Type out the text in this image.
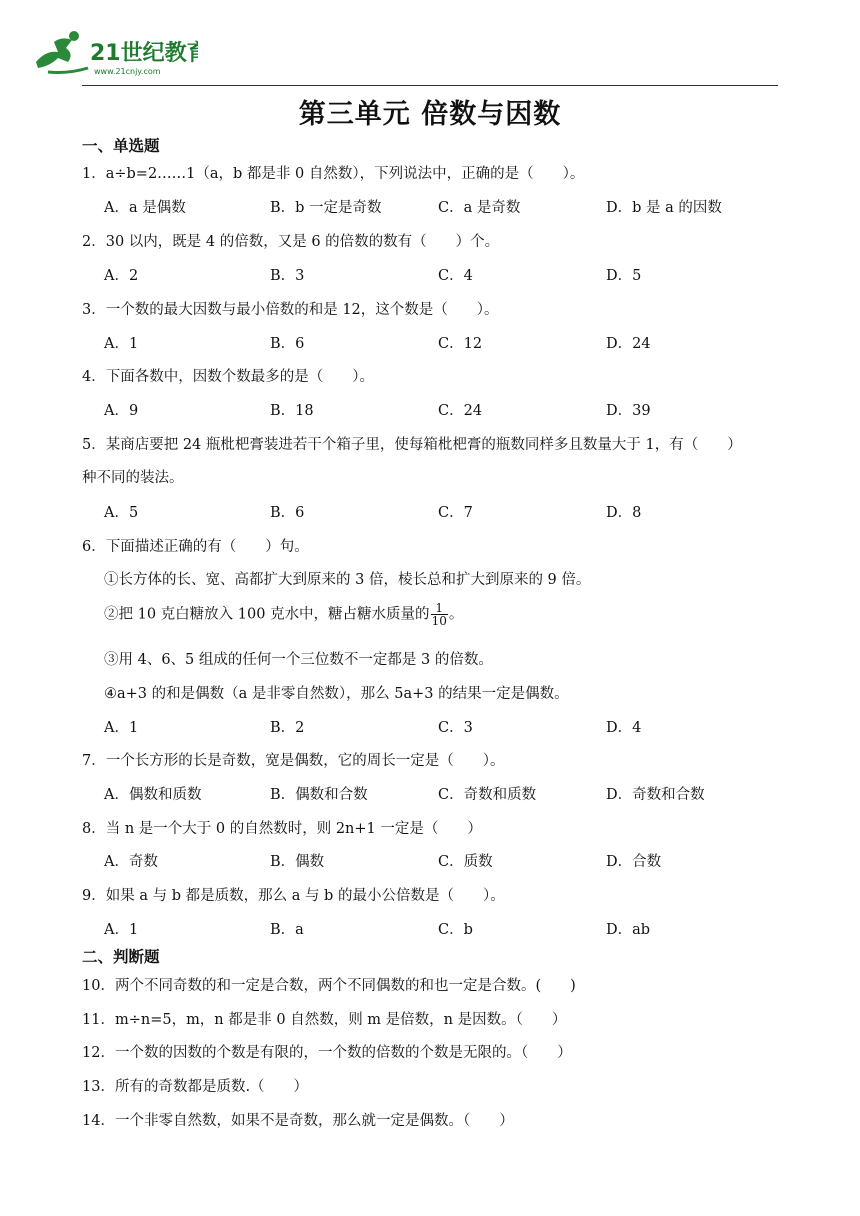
21世纪教育
www.21cnjy.com
第三单元 倍数与因数
一、单选题
1．a÷b=2……1（a，b 都是非 0 自然数），下列说法中，正确的是（　　）。
A．a 是偶数	B．b 一定是奇数	C．a 是奇数	D．b 是 a 的因数
2．30 以内，既是 4 的倍数，又是 6 的倍数的数有（　　）个。
A．2	B．3	C．4	D．5
3．一个数的最大因数与最小倍数的和是 12，这个数是（　　）。
A．1	B．6	C．12	D．24
4．下面各数中，因数个数最多的是（　　）。
A．9	B．18	C．24	D．39
5．某商店要把 24 瓶枇杷膏装进若干个箱子里，使每箱枇杷膏的瓶数同样多且数量大于 1，有（　　）
种不同的装法。
A．5	B．6	C．7	D．8
6．下面描述正确的有（　　）句。
①长方体的长、宽、高都扩大到原来的 3 倍，棱长总和扩大到原来的 9 倍。
②把 10 克白糖放入 100 克水中，糖占糖水质量的 $\frac{1}{10}$ 。
③用 4、6、5 组成的任何一个三位数不一定都是 3 的倍数。
④a+3 的和是偶数（a 是非零自然数），那么 5a+3 的结果一定是偶数。
A．1	B．2	C．3	D．4
7．一个长方形的长是奇数，宽是偶数，它的周长一定是（　　）。
A．偶数和质数	B．偶数和合数	C．奇数和质数	D．奇数和合数
8．当 n 是一个大于 0 的自然数时，则 2n+1 一定是（　　）
A．奇数	B．偶数	C．质数	D．合数
9．如果 a 与 b 都是质数，那么 a 与 b 的最小公倍数是（　　）。
A．1	B．a	C．b	D．ab
二、判断题
10．两个不同奇数的和一定是合数，两个不同偶数的和也一定是合数。(　　)
11．m÷n=5，m，n 都是非 0 自然数，则 m 是倍数，n 是因数。（　　）
12．一个数的因数的个数是有限的，一个数的倍数的个数是无限的。（　　）
13．所有的奇数都是质数.（　　）
14．一个非零自然数，如果不是奇数，那么就一定是偶数。（　　）
